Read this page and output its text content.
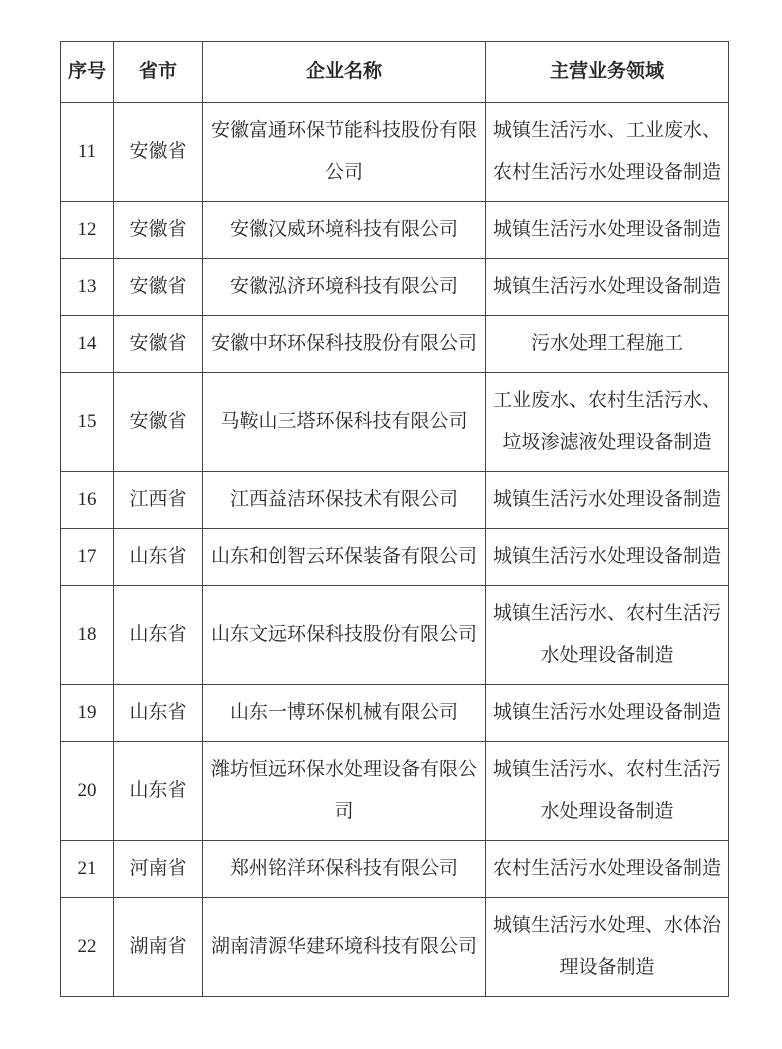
序号	省市	企业名称	主营业务领域
11	安徽省	安徽富通环保节能科技股份有限公司	城镇生活污水、工业废水、农村生活污水处理设备制造
12	安徽省	安徽汉威环境科技有限公司	城镇生活污水处理设备制造
13	安徽省	安徽泓济环境科技有限公司	城镇生活污水处理设备制造
14	安徽省	安徽中环环保科技股份有限公司	污水处理工程施工
15	安徽省	马鞍山三塔环保科技有限公司	工业废水、农村生活污水、垃圾渗滤液处理设备制造
16	江西省	江西益洁环保技术有限公司	城镇生活污水处理设备制造
17	山东省	山东和创智云环保装备有限公司	城镇生活污水处理设备制造
18	山东省	山东文远环保科技股份有限公司	城镇生活污水、农村生活污水处理设备制造
19	山东省	山东一博环保机械有限公司	城镇生活污水处理设备制造
20	山东省	潍坊恒远环保水处理设备有限公司	城镇生活污水、农村生活污水处理设备制造
21	河南省	郑州铭洋环保科技有限公司	农村生活污水处理设备制造
22	湖南省	湖南清源华建环境科技有限公司	城镇生活污水处理、水体治理设备制造
